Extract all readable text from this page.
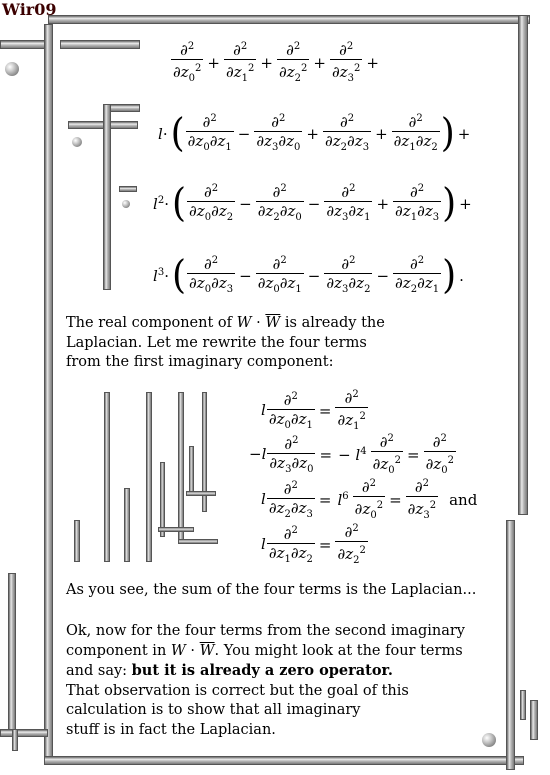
Wir09
$\frac{\partial^2}{\partial z_0^2} + \frac{\partial^2}{\partial z_1^2} + \frac{\partial^2}{\partial z_2^2} + \frac{\partial^2}{\partial z_3^2}$ +
$l\cdot( \frac{\partial^2}{\partial z_0\partial z_1} - \frac{\partial^2}{\partial z_3\partial z_0} + \frac{\partial^2}{\partial z_2\partial z_3} + \frac{\partial^2}{\partial z_1\partial z_2}$ ) +
$l^2\cdot( \frac{\partial^2}{\partial z_0\partial z_2} - \frac{\partial^2}{\partial z_2\partial z_0} - \frac{\partial^2}{\partial z_3\partial z_1} + \frac{\partial^2}{\partial z_1\partial z_3}$ ) +
$l^3\cdot( \frac{\partial^2}{\partial z_0\partial z_3} - \frac{\partial^2}{\partial z_0\partial z_1} - \frac{\partial^2}{\partial z_3\partial z_2} - \frac{\partial^2}{\partial z_2\partial z_1}$ ) .
The real component of $W \cdot \overline{W}$ is already the
Laplacian. Let me rewrite the four terms
from the first imaginary component:
l $\frac{\partial^2}{\partial z_0\partial z_1} = \frac{\partial^2}{\partial z_1^2}$
$-l \frac{\partial^2}{\partial z_3\partial z_0}$ = − $l^4 \frac{\partial^2}{\partial z_0^2} = \frac{\partial^2}{\partial z_0^2}$
l $\frac{\partial^2}{\partial z_2\partial z_3} = l^6 \frac{\partial^2}{\partial z_0^2} = \frac{\partial^2}{\partial z_3^2}$ and
l $\frac{\partial^2}{\partial z_1\partial z_2} = \frac{\partial^2}{\partial z_2^2}$
As you see, the sum of the four terms is the Laplacian...
Ok, now for the four terms from the second imaginary
component in $W \cdot \overline{W}$. You might look at the four terms
and say: but it is already a zero operator.
That observation is correct but the goal of this
calculation is to show that all imaginary
stuff is in fact the Laplacian.
